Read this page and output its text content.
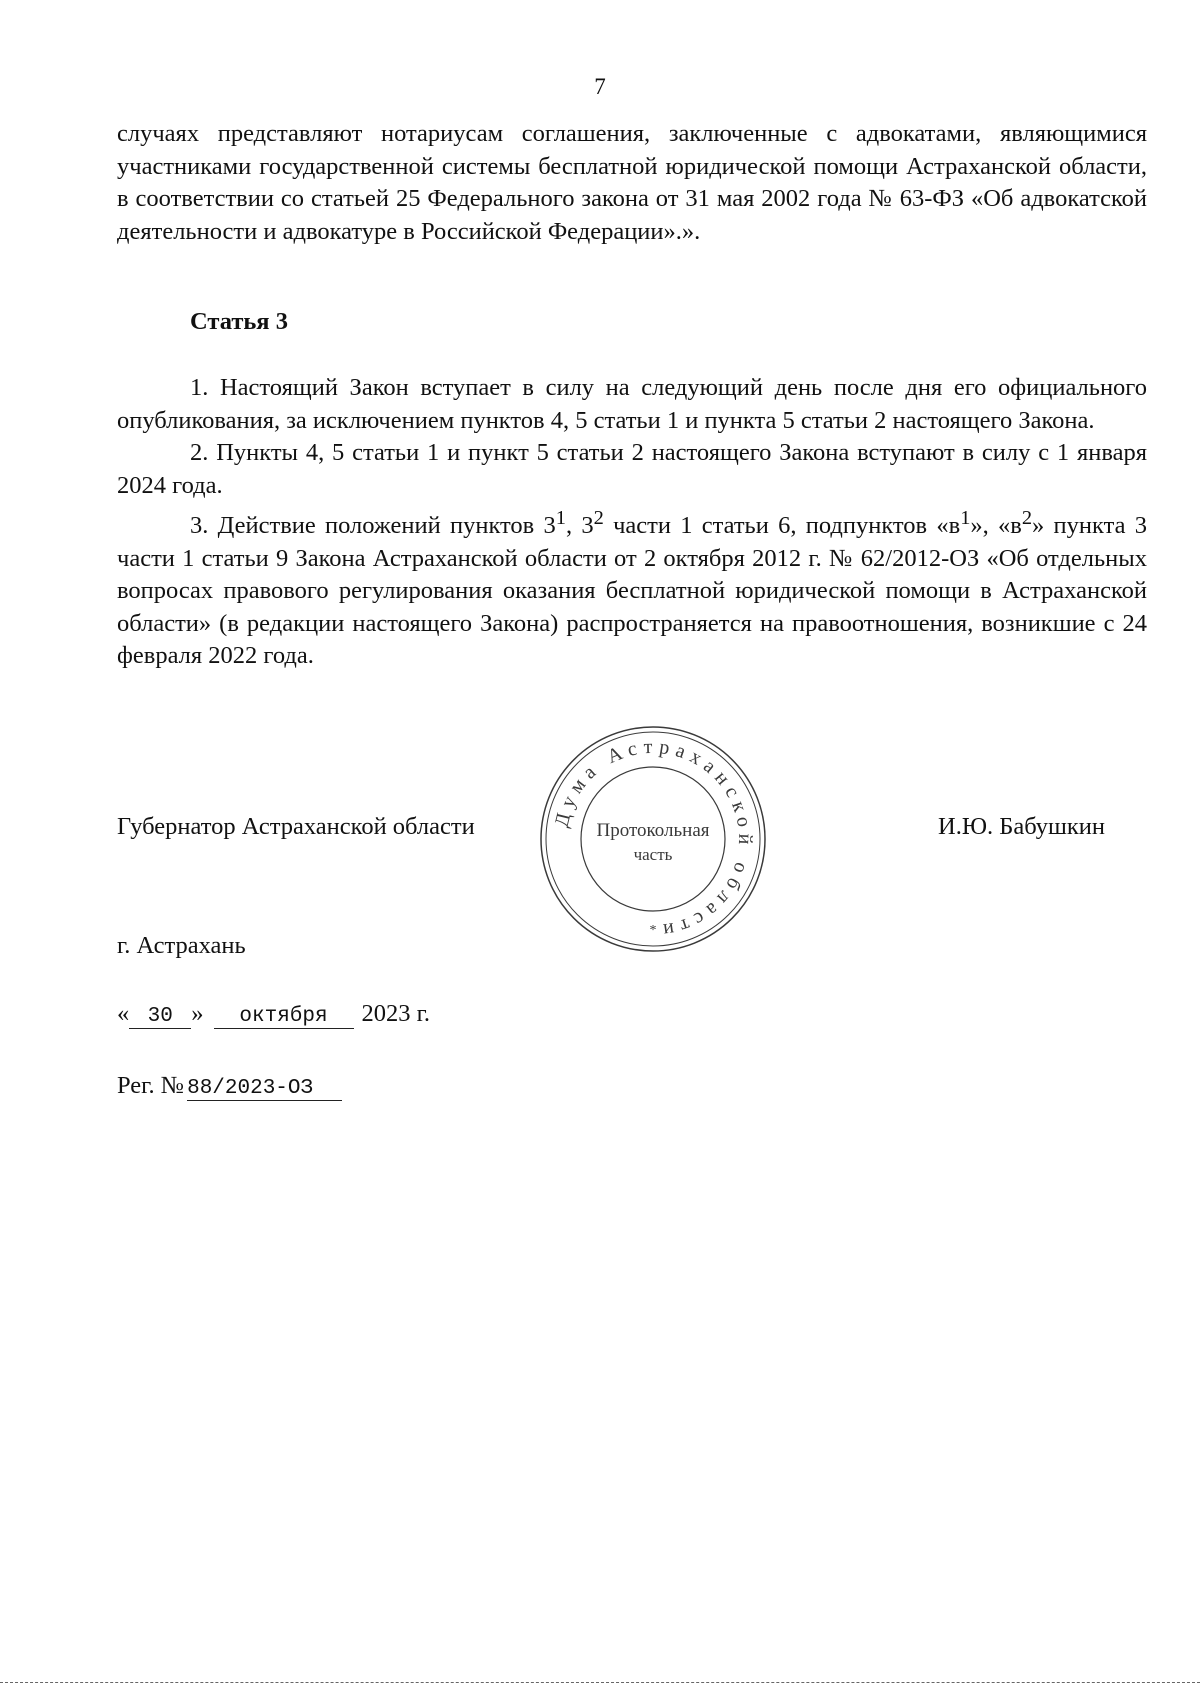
7

случаях представляют нотариусам соглашения, заключенные с адвокатами, являющимися участниками государственной системы бесплатной юридической помощи Астраханской области, в соответствии со статьей 25 Федерального закона от 31 мая 2002 года № 63-ФЗ «Об адвокатской деятельности и адвокатуре в Российской Федерации».».

Статья 3

1. Настоящий Закон вступает в силу на следующий день после дня его официального опубликования, за исключением пунктов 4, 5 статьи 1 и пункта 5 статьи 2 настоящего Закона.

2. Пункты 4, 5 статьи 1 и пункт 5 статьи 2 настоящего Закона вступают в силу с 1 января 2024 года.

3. Действие положений пунктов $3^1$, $3^2$ части 1 статьи 6, подпунктов «$в^1$», «$в^2$» пункта 3 части 1 статьи 9 Закона Астраханской области от 2 октября 2012 г. № 62/2012-ОЗ «Об отдельных вопросах правового регулирования оказания бесплатной юридической помощи в Астраханской области» (в редакции настоящего Закона) распространяется на правоотношения, возникшие с 24 февраля 2022 года.

Губернатор Астраханской области	Думa Астраханской области
Протокольная
часть
*
И.Ю. Бабушкин
г. Астрахань
« 30 » октября 2023 г.
Рег. № 88/2023-ОЗ
